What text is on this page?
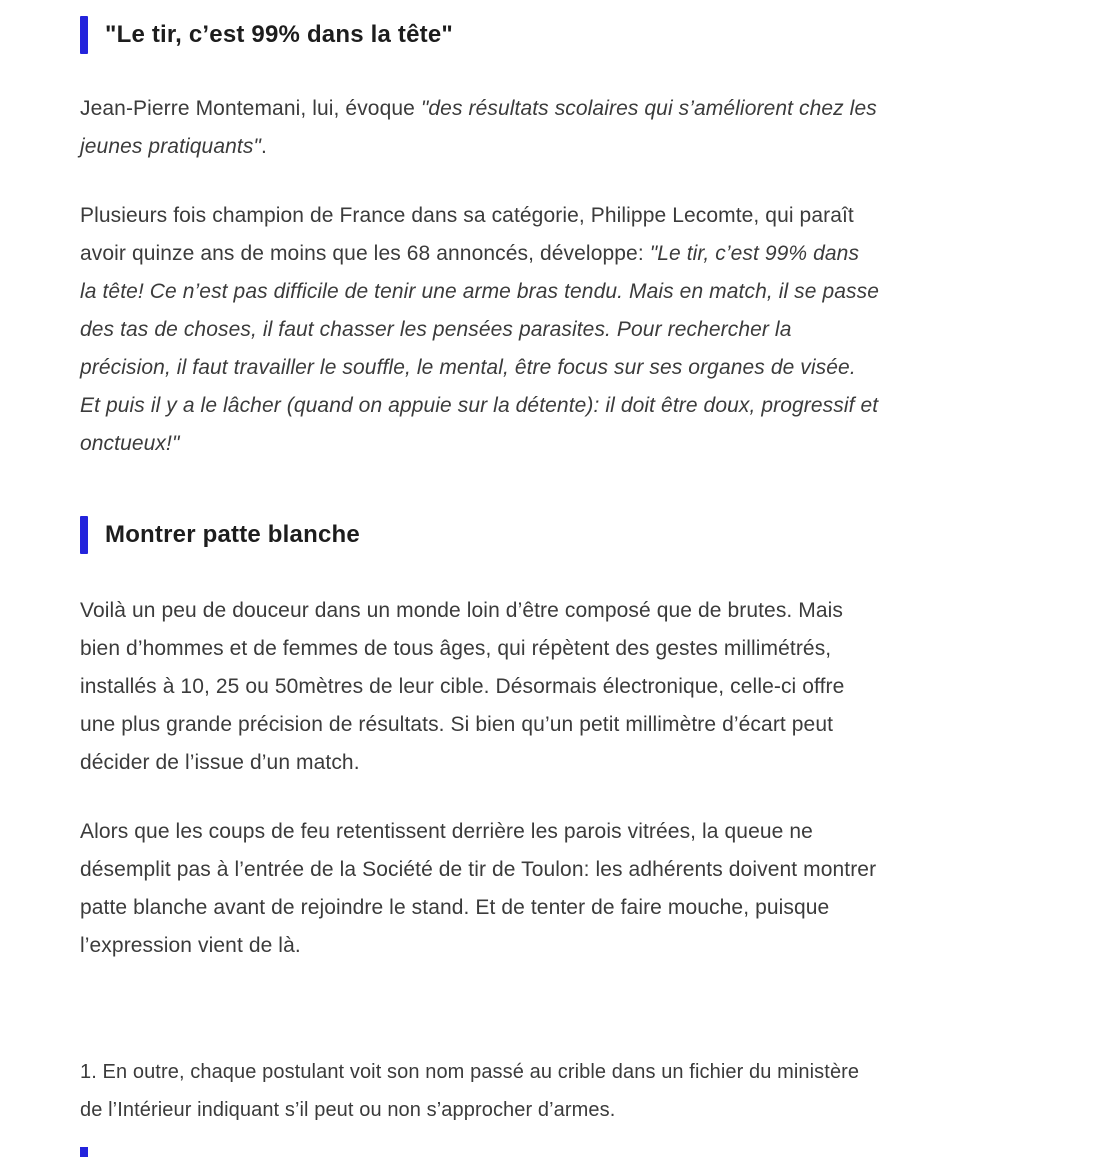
"Le tir, c’est 99% dans la tête"

Jean-Pierre Montemani, lui, évoque "des résultats scolaires qui s’améliorent chez les jeunes pratiquants".

Plusieurs fois champion de France dans sa catégorie, Philippe Lecomte, qui paraît avoir quinze ans de moins que les 68 annoncés, développe: "Le tir, c’est 99% dans la tête! Ce n’est pas difficile de tenir une arme bras tendu. Mais en match, il se passe des tas de choses, il faut chasser les pensées parasites. Pour rechercher la précision, il faut travailler le souffle, le mental, être focus sur ses organes de visée. Et puis il y a le lâcher (quand on appuie sur la détente): il doit être doux, progressif et onctueux!"

Montrer patte blanche

Voilà un peu de douceur dans un monde loin d’être composé que de brutes. Mais bien d’hommes et de femmes de tous âges, qui répètent des gestes millimétrés, installés à 10, 25 ou 50mètres de leur cible. Désormais électronique, celle-ci offre une plus grande précision de résultats. Si bien qu’un petit millimètre d’écart peut décider de l’issue d’un match.

Alors que les coups de feu retentissent derrière les parois vitrées, la queue ne désemplit pas à l’entrée de la Société de tir de Toulon: les adhérents doivent montrer patte blanche avant de rejoindre le stand. Et de tenter de faire mouche, puisque l’expression vient de là.

1. En outre, chaque postulant voit son nom passé au crible dans un fichier du ministère de l’Intérieur indiquant s’il peut ou non s’approcher d’armes.
